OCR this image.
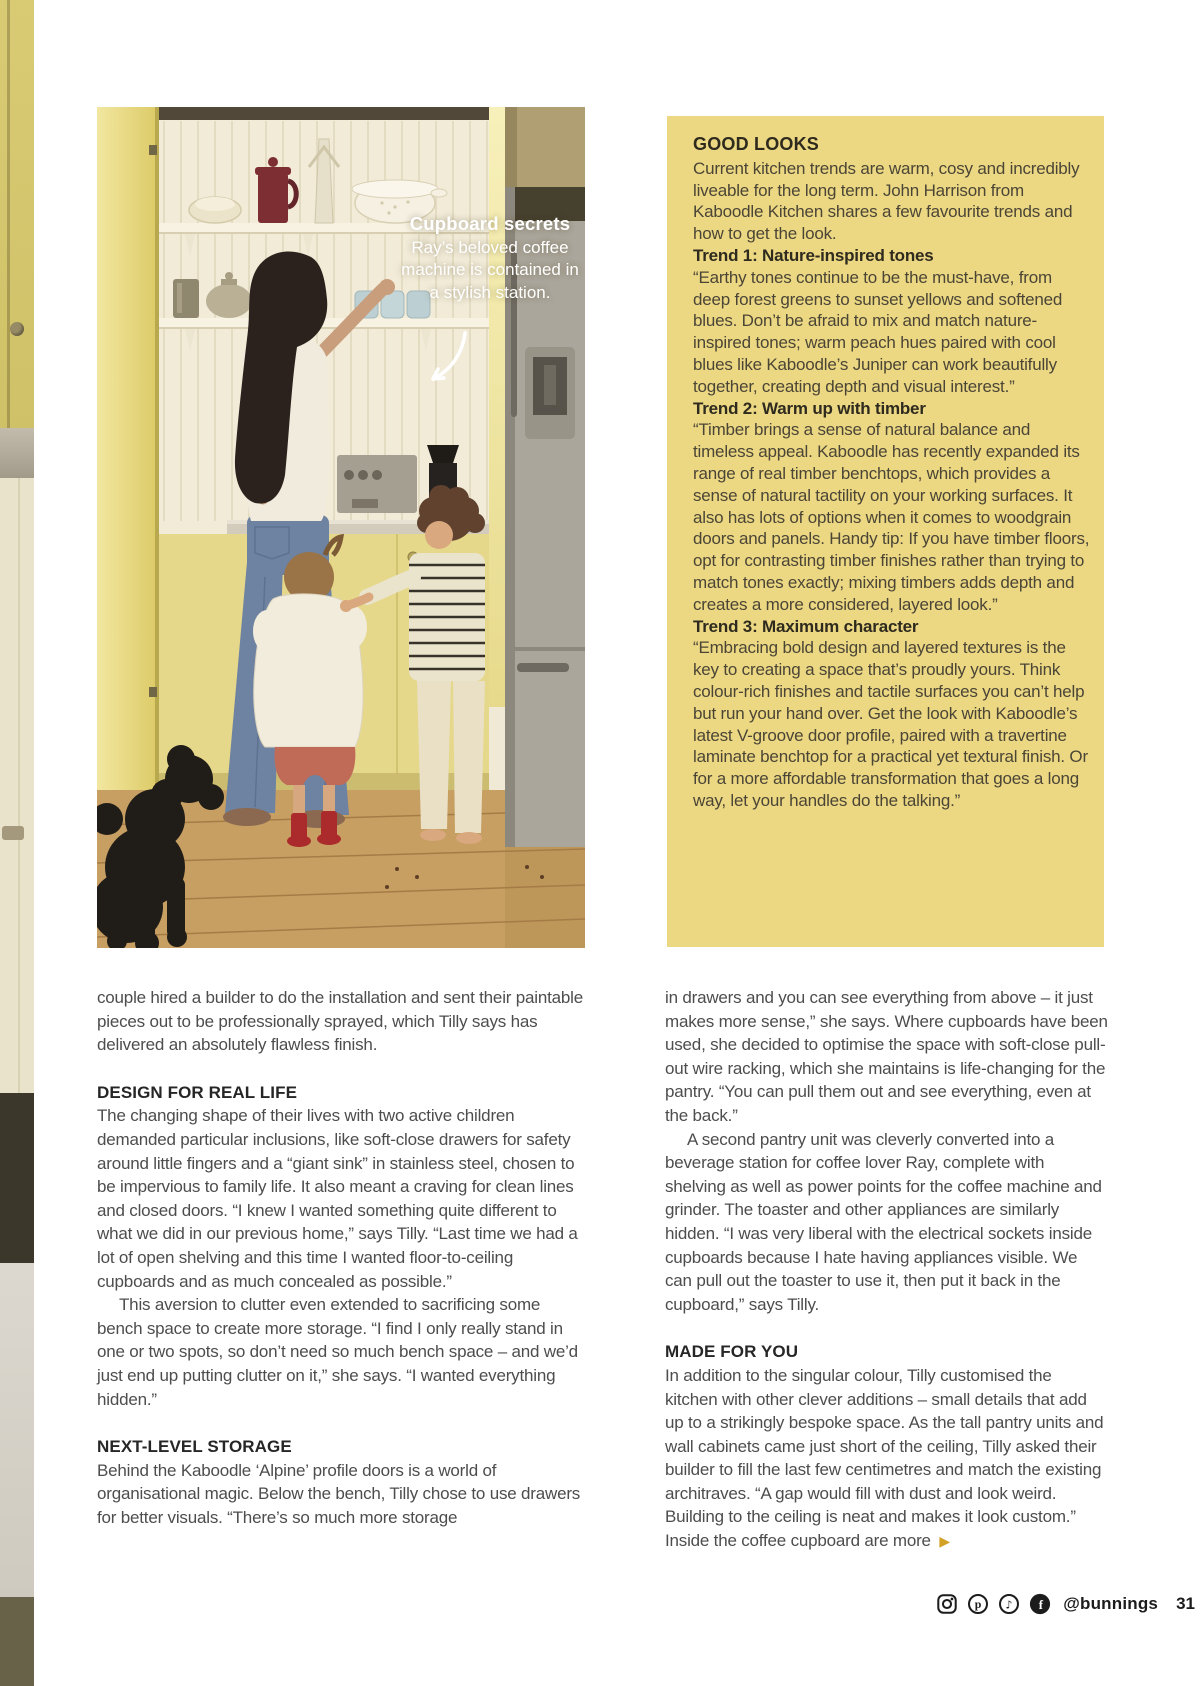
Cupboard secrets
Ray’s beloved coffee machine is contained in a stylish station.
GOOD LOOKS

Current kitchen trends are warm, cosy and incredibly liveable for the long term. John Harrison from Kaboodle Kitchen shares a few favourite trends and how to get the look.

Trend 1: Nature-inspired tones

“Earthy tones continue to be the must-have, from deep forest greens to sunset yellows and softened blues. Don’t be afraid to mix and match nature-inspired tones; warm peach hues paired with cool blues like Kaboodle’s Juniper can work beautifully together, creating depth and visual interest.”

Trend 2: Warm up with timber

“Timber brings a sense of natural balance and timeless appeal. Kaboodle has recently expanded its range of real timber benchtops, which provides a sense of natural tactility on your working surfaces. It also has lots of options when it comes to woodgrain doors and panels. Handy tip: If you have timber floors, opt for contrasting timber finishes rather than trying to match tones exactly; mixing timbers adds depth and creates a more considered, layered look.”

Trend 3: Maximum character

“Embracing bold design and layered textures is the key to creating a space that’s proudly yours. Think colour-rich finishes and tactile surfaces you can’t help but run your hand over. Get the look with Kaboodle’s latest V-groove door profile, paired with a travertine laminate benchtop for a practical yet textural finish. Or for a more affordable transformation that goes a long way, let your handles do the talking.”

couple hired a builder to do the installation and sent their paintable pieces out to be professionally sprayed, which Tilly says has delivered an absolutely flawless finish.

DESIGN FOR REAL LIFE

The changing shape of their lives with two active children demanded particular inclusions, like soft-close drawers for safety around little fingers and a “giant sink” in stainless steel, chosen to be impervious to family life. It also meant a craving for clean lines and closed doors. “I knew I wanted something quite different to what we did in our previous home,” says Tilly. “Last time we had a lot of open shelving and this time I wanted floor-to-ceiling cupboards and as much concealed as possible.”

This aversion to clutter even extended to sacrificing some bench space to create more storage. “I find I only really stand in one or two spots, so don’t need so much bench space – and we’d just end up putting clutter on it,” she says. “I wanted everything hidden.”

NEXT-LEVEL STORAGE

Behind the Kaboodle ‘Alpine’ profile doors is a world of organisational magic. Below the bench, Tilly chose to use drawers for better visuals. “There’s so much more storage

in drawers and you can see everything from above – it just makes more sense,” she says. Where cupboards have been used, she decided to optimise the space with soft-close pull-out wire racking, which she maintains is life-changing for the pantry. “You can pull them out and see everything, even at the back.”

A second pantry unit was cleverly converted into a beverage station for coffee lover Ray, complete with shelving as well as power points for the coffee machine and grinder. The toaster and other appliances are similarly hidden. “I was very liberal with the electrical sockets inside cupboards because I hate having appliances visible. We can pull out the toaster to use it, then put it back in the cupboard,” says Tilly.

MADE FOR YOU

In addition to the singular colour, Tilly customised the kitchen with other clever additions – small details that add up to a strikingly bespoke space. As the tall pantry units and wall cabinets came just short of the ceiling, Tilly asked their builder to fill the last few centimetres and match the existing architraves. “A gap would fill with dust and look weird. Building to the ceiling is neat and makes it look custom.” Inside the coffee cupboard are more ▶

p ♪ f @bunnings 31
